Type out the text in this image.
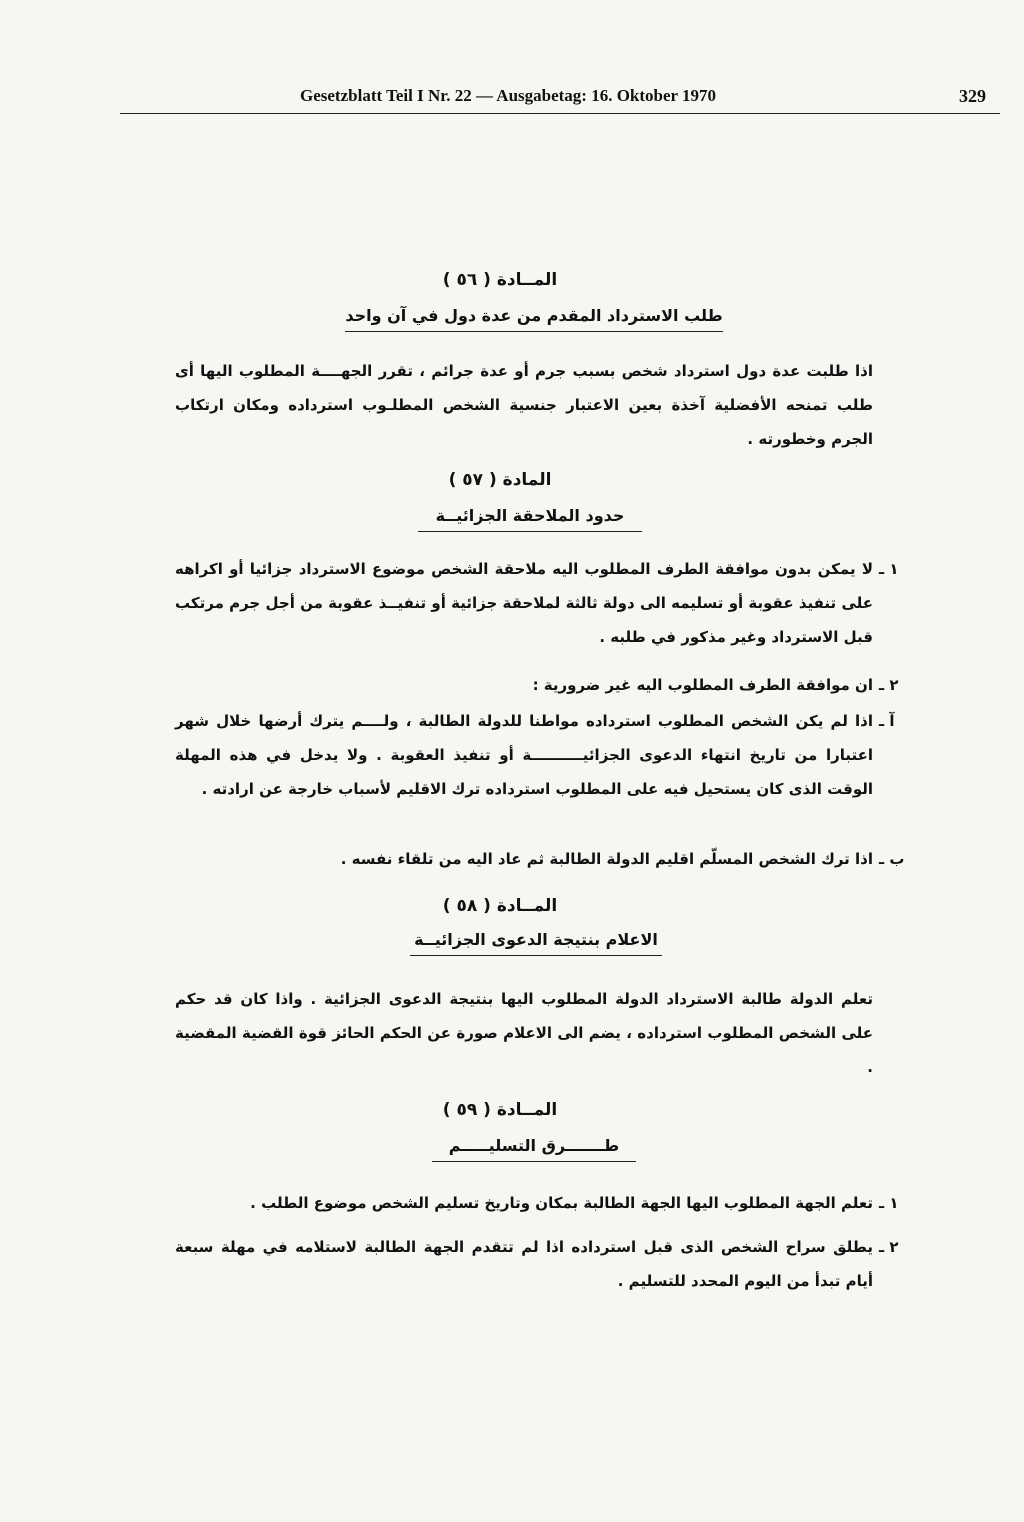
Gesetzblatt Teil I Nr. 22 — Ausgabetag: 16. Oktober 1970	329
المــادة ( ٥٦ )
طلب الاسترداد المقدم من عدة دول في آن واحد
اذا طلبت عدة دول استرداد شخص بسبب جرم أو عدة جرائم ، تقرر الجهــــة المطلوب اليها أى طلب تمنحه الأفضلية آخذة بعين الاعتبار جنسية الشخص المطلـوب استرداده ومكان ارتكاب الجرم وخطورته .
المادة ( ٥٧ )
حدود الملاحقة الجزائيــة
١ ـ
لا يمكن بدون موافقة الطرف المطلوب اليه ملاحقة الشخص موضوع الاسترداد جزائيا أو اكراهه على تنفيذ عقوبة أو تسليمه الى دولة ثالثة لملاحقة جزائية أو تنفيــذ عقوبة من أجل جرم مرتكب قبل الاسترداد وغير مذكور في طلبه .
٢ ـ
ان موافقة الطرف المطلوب اليه غير ضرورية :
آ ـ
اذا لم يكن الشخص المطلوب استرداده مواطنا للدولة الطالبة ، ولــــم يترك أرضها خلال شهر اعتبارا من تاريخ انتهاء الدعوى الجزائيــــــــــة أو تنفيذ العقوبة . ولا يدخل في هذه المهلة الوقت الذى كان يستحيل فيه على المطلوب استرداده ترك الاقليم لأسباب خارجة عن ارادته .
ب ـ
اذا ترك الشخص المسلّم اقليم الدولة الطالبة ثم عاد اليه من تلقاء نفسه .
المــادة ( ٥٨ )
الاعلام بنتيجة الدعوى الجزائيــة
تعلم الدولة طالبة الاسترداد الدولة المطلوب اليها بنتيجة الدعوى الجزائية . واذا كان قد حكم على الشخص المطلوب استرداده ، يضم الى الاعلام صورة عن الحكم الحائز قوة القضية المقضية .
المــادة ( ٥٩ )
طـــــــرق التسليـــــم
١ ـ
تعلم الجهة المطلوب اليها الجهة الطالبة بمكان وتاريخ تسليم الشخص موضوع الطلب .
٢ ـ
يطلق سراح الشخص الذى قبل استرداده اذا لم تتقدم الجهة الطالبة لاستلامه في مهلة سبعة أيام تبدأ من اليوم المحدد للتسليم .
